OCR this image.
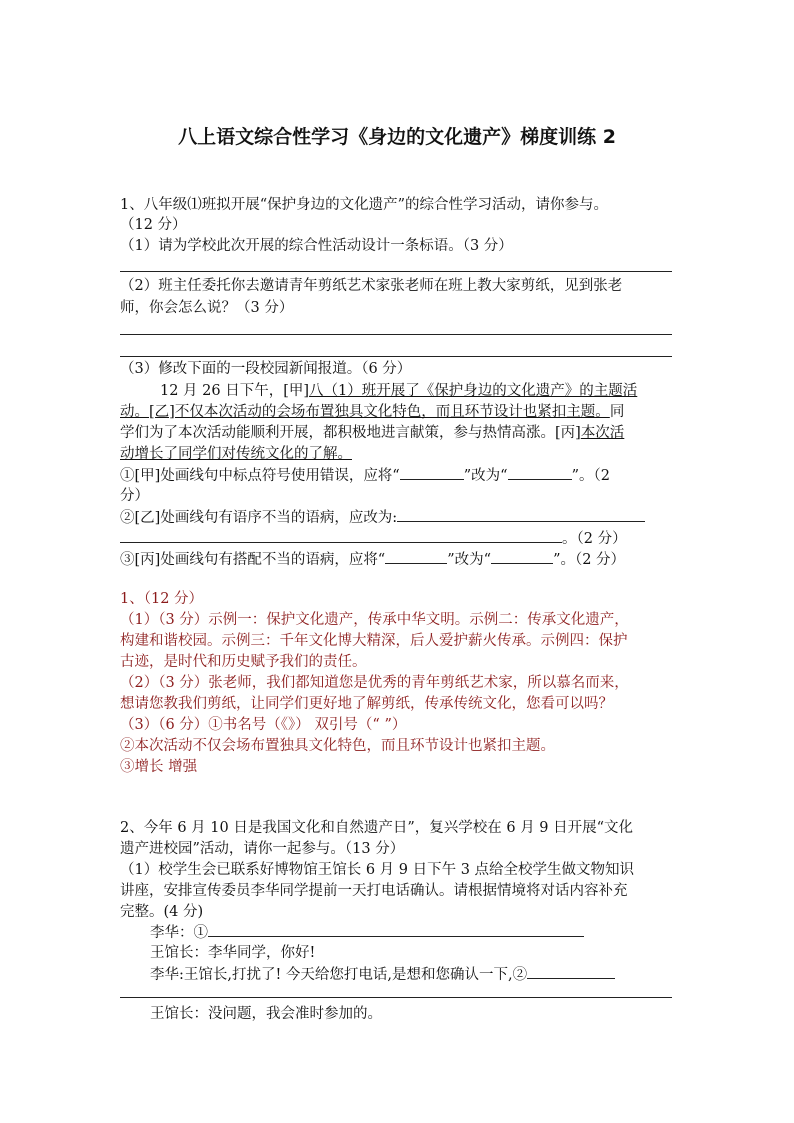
八上语文综合性学习《身边的文化遗产》梯度训练 2
1、八年级⑴班拟开展“保护身边的文化遗产”的综合性学习活动，请你参与。
（12 分）
（1）请为学校此次开展的综合性活动设计一条标语。（3 分）
（2）班主任委托你去邀请青年剪纸艺术家张老师在班上教大家剪纸，见到张老
师，你会怎么说？（3 分）
（3）修改下面的一段校园新闻报道。（6 分）
12 月 26 日下午，[甲]八（1）班开展了《保护身边的文化遗产》的主题活
动。[乙]不仅本次活动的会场布置独具文化特色，而且环节设计也紧扣主题。同
学们为了本次活动能顺利开展，都积极地进言献策，参与热情高涨。[丙]本次活
动增长了同学们对传统文化的了解。
①[甲]处画线句中标点符号使用错误，应将“	”改为“	”。（2
分）
②[乙]处画线句有语序不当的语病，应改为:
。（2 分）
③[丙]处画线句有搭配不当的语病，应将“	”改为“	”。（2 分）
1、（12 分）
（1）（3 分）示例一：保护文化遗产，传承中华文明。示例二：传承文化遗产，
构建和谐校园。示例三：千年文化博大精深，后人爱护薪火传承。示例四：保护
古迹，是时代和历史赋予我们的责任。
（2）（3 分）张老师，我们都知道您是优秀的青年剪纸艺术家，所以慕名而来，
想请您教我们剪纸，让同学们更好地了解剪纸，传承传统文化，您看可以吗？
（3）（6 分）①书名号（《》） 双引号（“ ”）
②本次活动不仅会场布置独具文化特色，而且环节设计也紧扣主题。
③增长 增强
2、今年 6 月 10 日是我国文化和自然遗产日”，复兴学校在 6 月 9 日开展“文化
遗产进校园”活动，请你一起参与。（13 分）
（1）校学生会已联系好博物馆王馆长 6 月 9 日下午 3 点给全校学生做文物知识
讲座，安排宣传委员李华同学提前一天打电话确认。请根据情境将对话内容补充
完整。(4 分)
李华：①
王馆长：李华同学，你好!
李华:王馆长,打扰了! 今天给您打电话,是想和您确认一下,②
王馆长：没问题，我会准时参加的。
